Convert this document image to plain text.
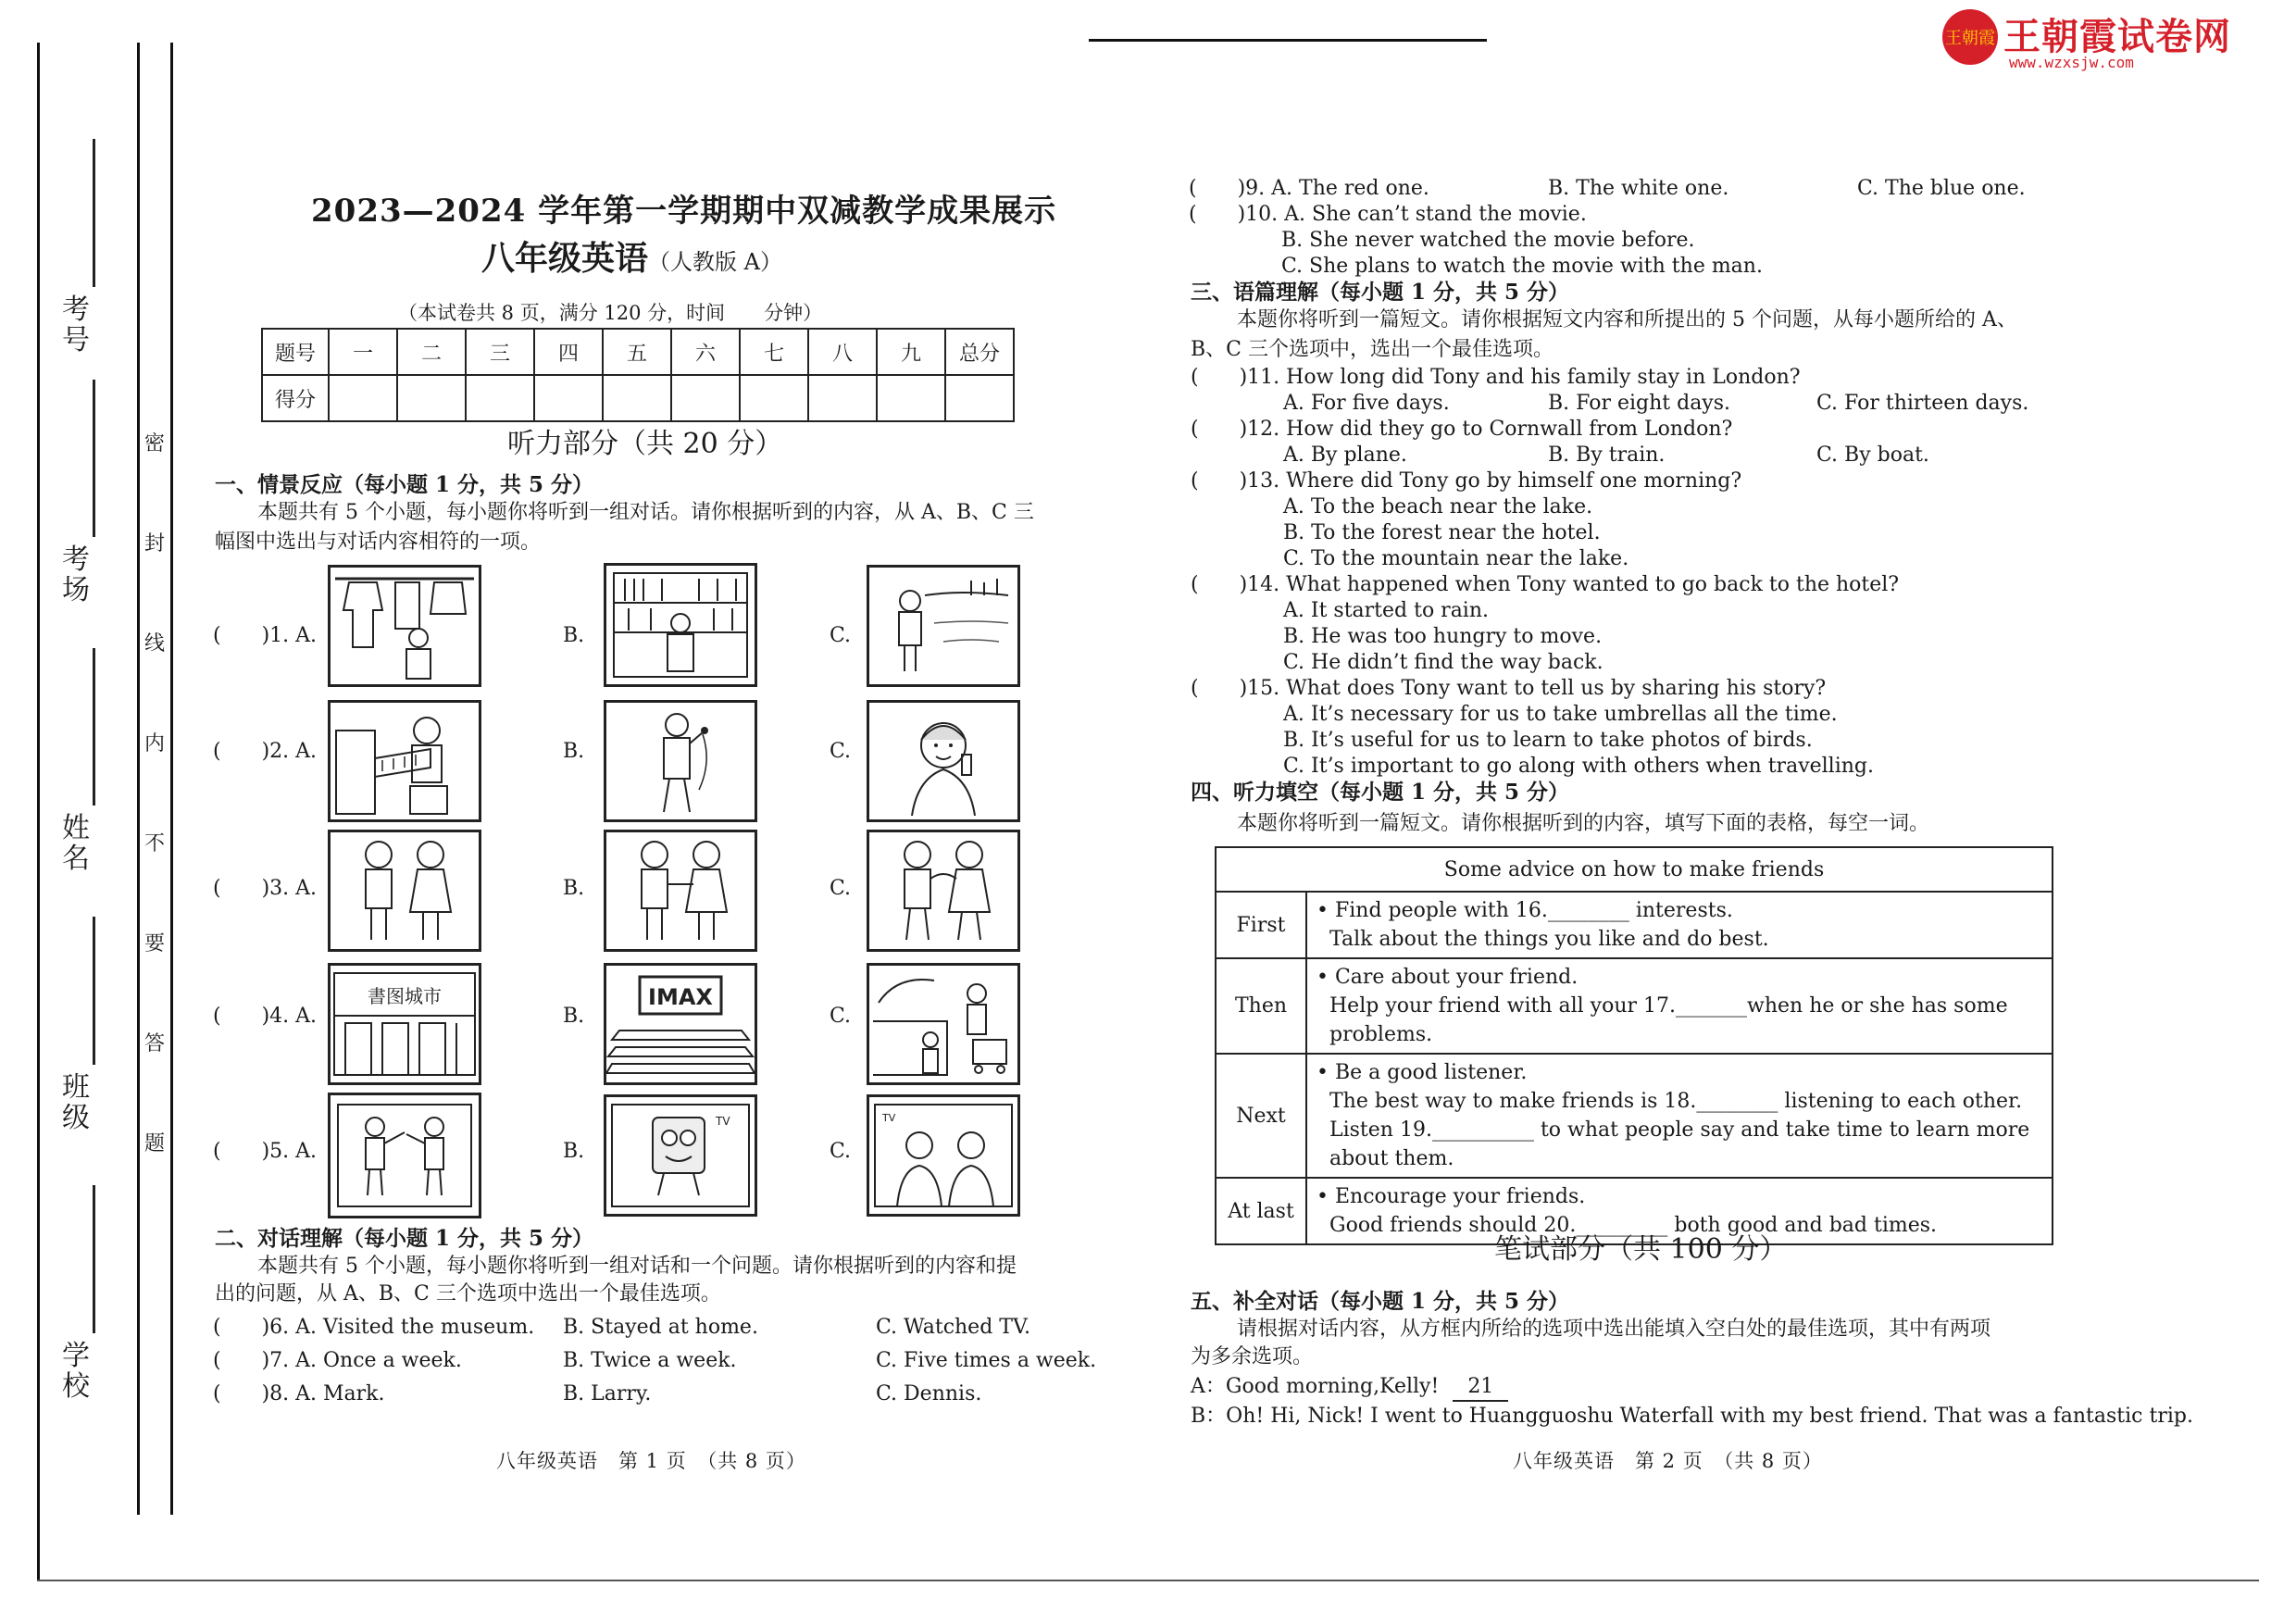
考号
考场
姓名
班级
学校
密
封
线
内
不
要
答
题
王朝霞 王朝霞试卷网
www.wzxsjw.com
2023—2024 学年第一学期期中双减教学成果展示
八年级英语（人教版 A）
（本试卷共 8 页，满分 120 分，时间　　分钟）
题号	一	二	三	四	五	六	七	八	九	总分
得分										
听力部分（共 20 分）
一、情景反应（每小题 1 分，共 5 分）
本题共有 5 个小题，每小题你将听到一组对话。请你根据听到的内容，从 A、B、C 三
幅图中选出与对话内容相符的一项。
(　　)1. A.	B.	C.
(　　)2. A.	B.	C.
(　　)3. A.	B.	C.
(　　)4. A.
書图城市
B.
IMAX
C.
(　　)5. A.	B.
TV
C.
TV
二、对话理解（每小题 1 分，共 5 分）
本题共有 5 个小题，每小题你将听到一组对话和一个问题。请你根据听到的内容和提
出的问题，从 A、B、C 三个选项中选出一个最佳选项。
(　　)6. A. Visited the museum. B. Stayed at home.	C. Watched TV.
(　　)7. A. Once a week.	B. Twice a week.	C. Five times a week.
(　　)8. A. Mark.	B. Larry.	C. Dennis.
八年级英语　第 1 页　（共 8 页）
(　　)9. A. The red one.	B. The white one.	C. The blue one.
(　　)10. A. She can’t stand the movie.
B. She never watched the movie before.
C. She plans to watch the movie with the man.
三、语篇理解（每小题 1 分，共 5 分）
本题你将听到一篇短文。请你根据短文内容和所提出的 5 个问题，从每小题所给的 A、
B、C 三个选项中，选出一个最佳选项。
(　　)11. How long did Tony and his family stay in London?
A. For five days.	B. For eight days.	C. For thirteen days.
(　　)12. How did they go to Cornwall from London?
A. By plane.	B. By train.	C. By boat.
(　　)13. Where did Tony go by himself one morning?
A. To the beach near the lake.
B. To the forest near the hotel.
C. To the mountain near the lake.
(　　)14. What happened when Tony wanted to go back to the hotel?
A. It started to rain.
B. He was too hungry to move.
C. He didn’t find the way back.
(　　)15. What does Tony want to tell us by sharing his story?
A. It’s necessary for us to take umbrellas all the time.
B. It’s useful for us to learn to take photos of birds.
C. It’s important to go along with others when travelling.
四、听力填空（每小题 1 分，共 5 分）
本题你将听到一篇短文。请你根据听到的内容，填写下面的表格，每空一词。
Some advice on how to make friends	
First	• Find people with 16.________ interests.
Talk about the things you like and do best.

Then	• Care about your friend.
Help your friend with all your 17._______when he or she has some problems.

Next	• Be a good listener.
The best way to make friends is 18.________ listening to each other.
Listen 19.__________ to what people say and take time to learn more about them.

At last	• Encourage your friends.
Good friends should 20._________ both good and bad times.
笔试部分（共 100 分）
五、补全对话（每小题 1 分，共 5 分）
请根据对话内容，从方框内所给的选项中选出能填入空白处的最佳选项，其中有两项
为多余选项。
A：Good morning,Kelly! 21
B：Oh! Hi, Nick! I went to Huangguoshu Waterfall with my best friend. That was a fantastic trip.
八年级英语　第 2 页　（共 8 页）
